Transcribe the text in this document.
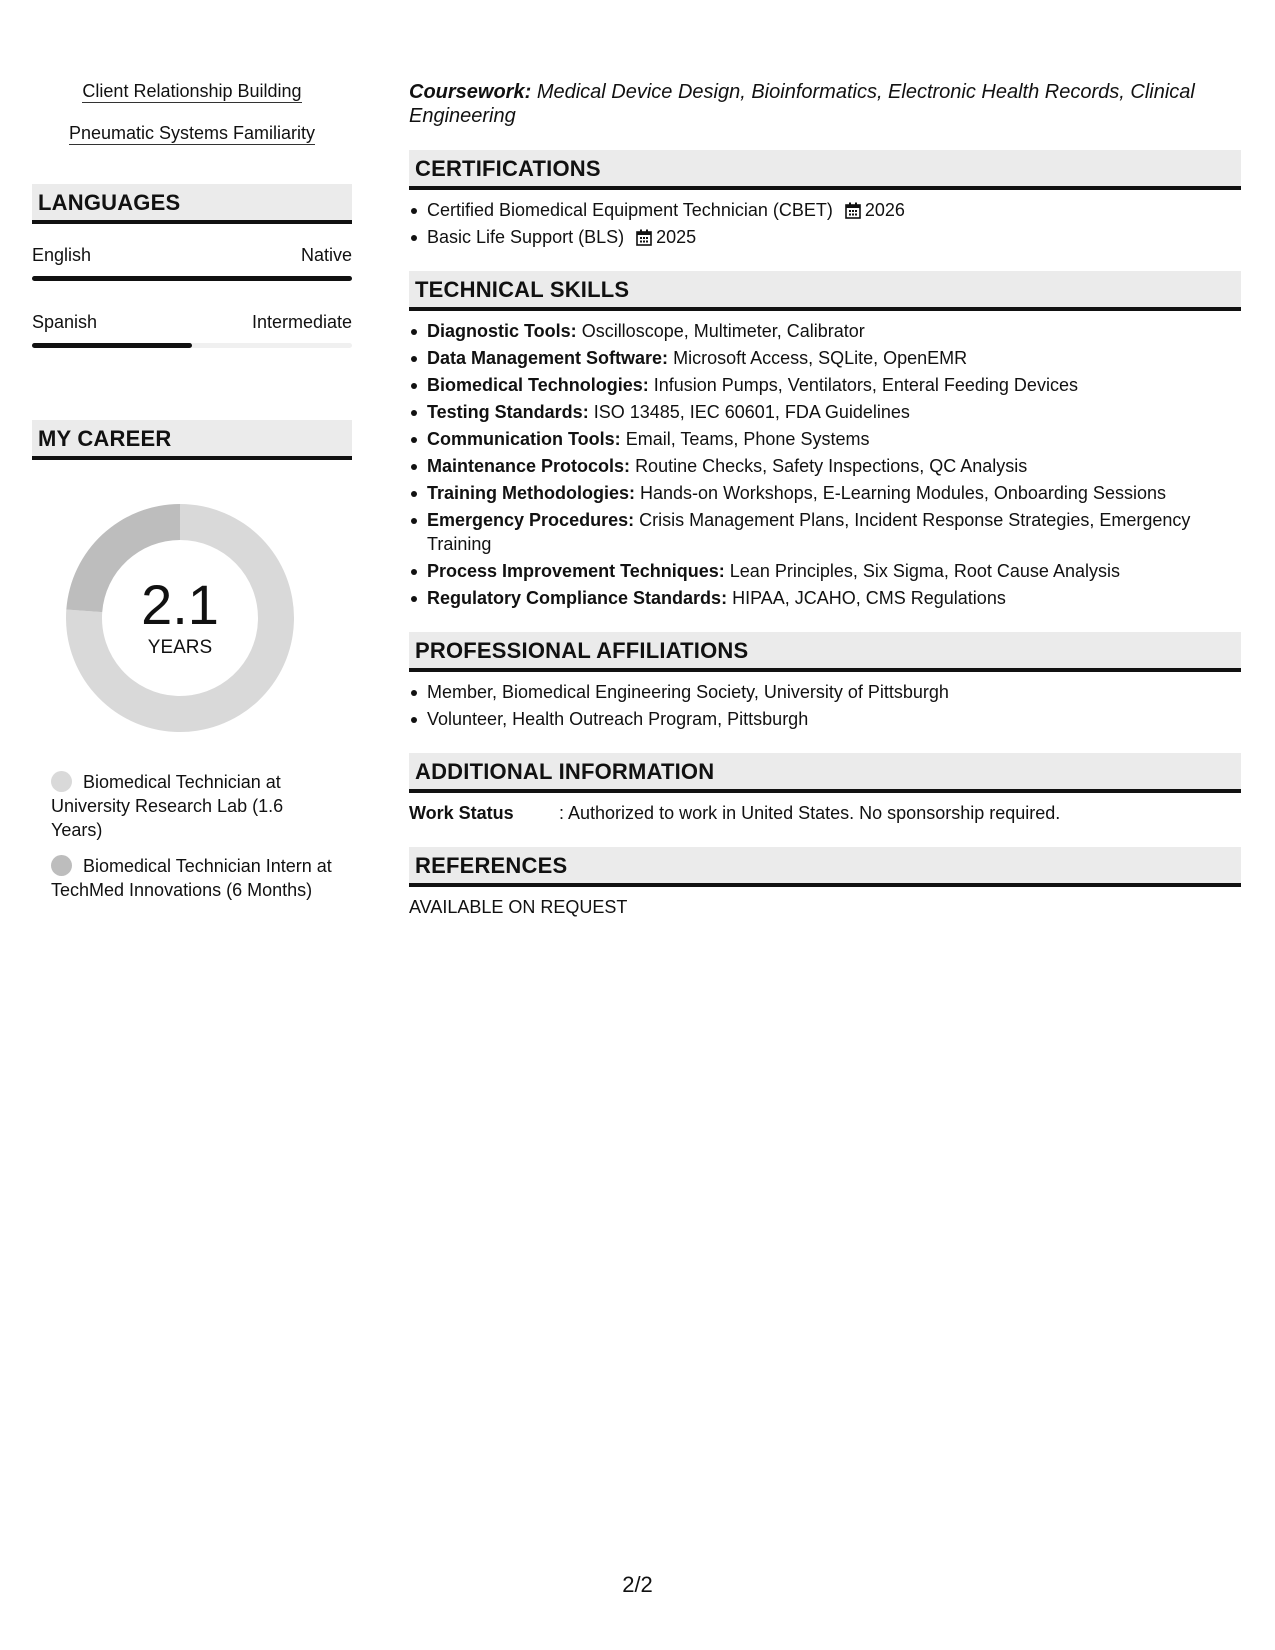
Client Relationship Building
Pneumatic Systems Familiarity
LANGUAGES
English	Native
Spanish	Intermediate
MY CAREER
2.1
YEARS
Biomedical Technician at University Research Lab (1.6 Years)
Biomedical Technician Intern at TechMed Innovations (6 Months)
Coursework: Medical Device Design, Bioinformatics, Electronic Health Records, Clinical Engineering
CERTIFICATIONS
Certified Biomedical Equipment Technician (CBET) 2026
Basic Life Support (BLS) 2025
TECHNICAL SKILLS
Diagnostic Tools: Oscilloscope, Multimeter, Calibrator
Data Management Software: Microsoft Access, SQLite, OpenEMR
Biomedical Technologies: Infusion Pumps, Ventilators, Enteral Feeding Devices
Testing Standards: ISO 13485, IEC 60601, FDA Guidelines
Communication Tools: Email, Teams, Phone Systems
Maintenance Protocols: Routine Checks, Safety Inspections, QC Analysis
Training Methodologies: Hands-on Workshops, E-Learning Modules, Onboarding Sessions
Emergency Procedures: Crisis Management Plans, Incident Response Strategies, Emergency Training
Process Improvement Techniques: Lean Principles, Six Sigma, Root Cause Analysis
Regulatory Compliance Standards: HIPAA, JCAHO, CMS Regulations
PROFESSIONAL AFFILIATIONS
Member, Biomedical Engineering Society, University of Pittsburgh
Volunteer, Health Outreach Program, Pittsburgh
ADDITIONAL INFORMATION
Work Status	: Authorized to work in United States. No sponsorship required.
REFERENCES
AVAILABLE ON REQUEST
2/2
